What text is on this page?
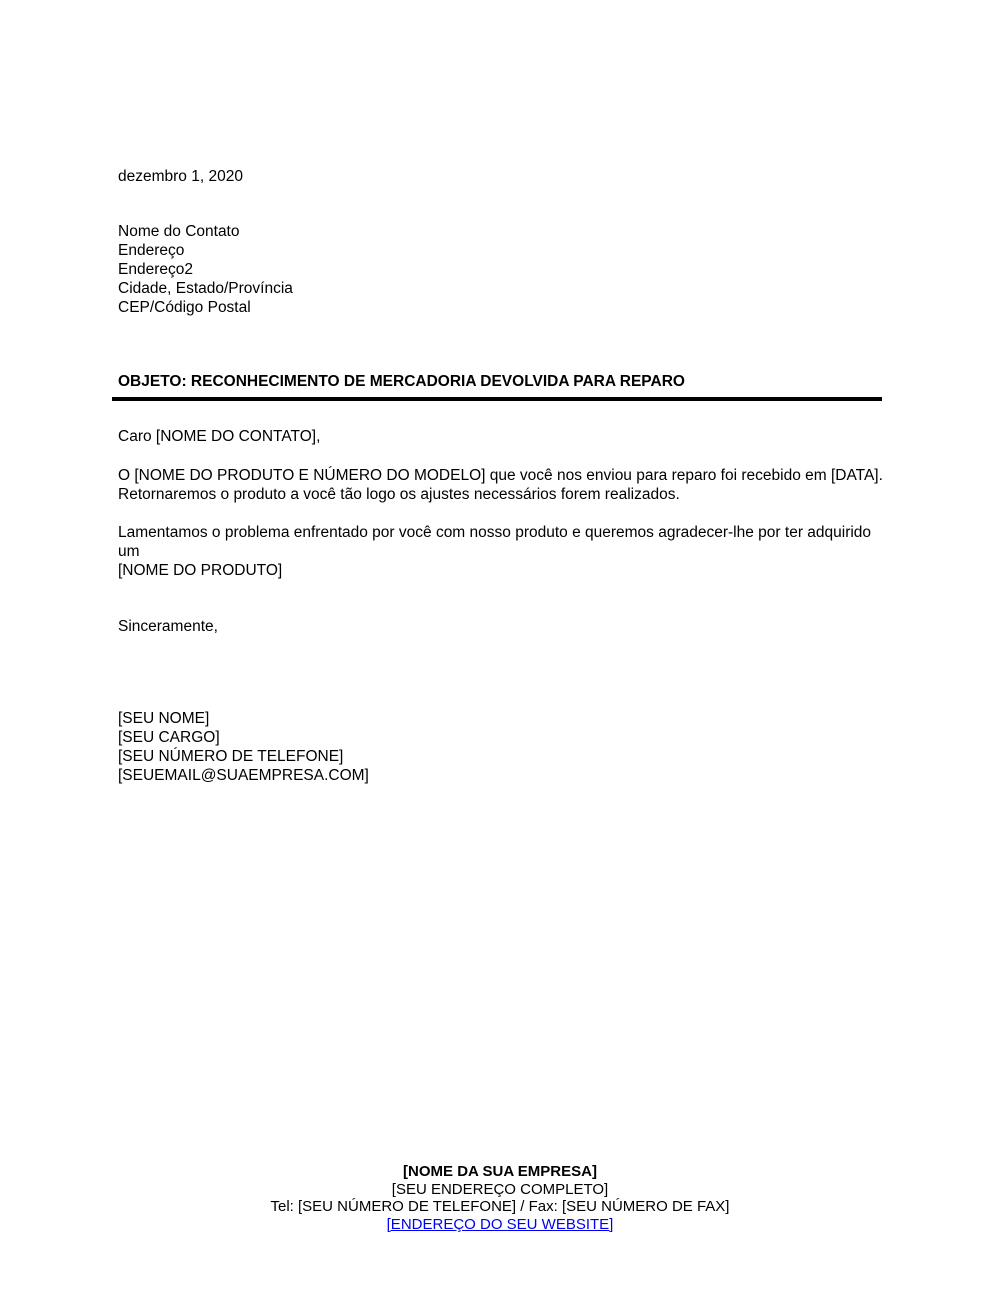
dezembro 1, 2020
Nome do Contato
Endereço
Endereço2
Cidade, Estado/Província
CEP/Código Postal
OBJETO: RECONHECIMENTO DE MERCADORIA DEVOLVIDA PARA REPARO
Caro [NOME DO CONTATO],
O [NOME DO PRODUTO E NÚMERO DO MODELO] que você nos enviou para reparo foi recebido em [DATA]. Retornaremos o produto a você tão logo os ajustes necessários forem realizados.
Lamentamos o problema enfrentado por você com nosso produto e queremos agradecer-lhe por ter adquirido um
[NOME DO PRODUTO]
Sinceramente,
[SEU NOME]
[SEU CARGO]
[SEU NÚMERO DE TELEFONE]
[SEUEMAIL@SUAEMPRESA.COM]
[NOME DA SUA EMPRESA]
[SEU ENDEREÇO COMPLETO]
Tel: [SEU NÚMERO DE TELEFONE] / Fax: [SEU NÚMERO DE FAX]
[ENDEREÇO DO SEU WEBSITE]
